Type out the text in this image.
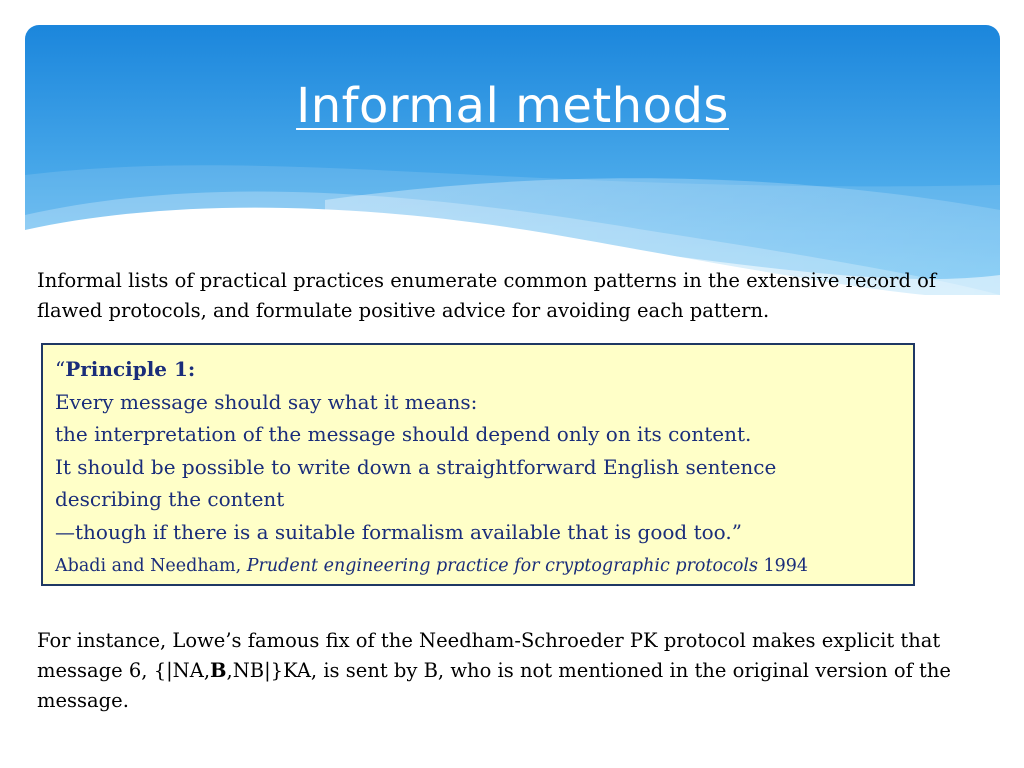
Informal methods

Informal lists of practical practices enumerate common patterns in the extensive record of flawed protocols, and formulate positive advice for avoiding each pattern.

“Principle 1:
Every message should say what it means:
the interpretation of the message should depend only on its content.
It should be possible to write down a straightforward English sentence
describing the content
—though if there is a suitable formalism available that is good too.”
Abadi and Needham, Prudent engineering practice for cryptographic protocols 1994

For instance, Lowe’s famous fix of the Needham-Schroeder PK protocol makes explicit that message 6, {|NA,B,NB|}KA, is sent by B, who is not mentioned in the original version of the message.
